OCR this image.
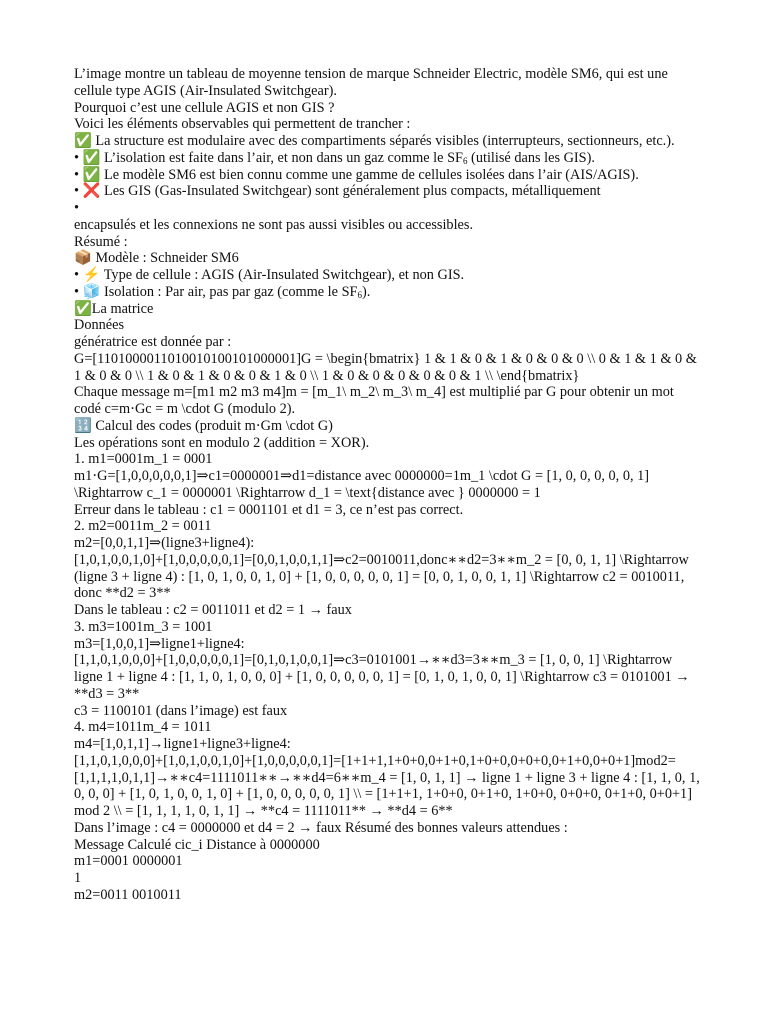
L’image montre un tableau de moyenne tension de marque Schneider Electric, modèle SM6, qui est une cellule type AGIS (Air-Insulated Switchgear).
Pourquoi c’est une cellule AGIS et non GIS ?
Voici les éléments observables qui permettent de trancher :
✅ La structure est modulaire avec des compartiments séparés visibles (interrupteurs, sectionneurs, etc.).
• ✅ L’isolation est faite dans l’air, et non dans un gaz comme le $SF_6$ (utilisé dans les GIS).
• ✅ Le modèle SM6 est bien connu comme une gamme de cellules isolées dans l’air (AIS/AGIS).
• ❌ Les GIS (Gas-Insulated Switchgear) sont généralement plus compacts, métalliquement
•
encapsulés et les connexions ne sont pas aussi visibles ou accessibles.
Résumé :
📦 Modèle : Schneider SM6
• ⚡ Type de cellule : AGIS (Air-Insulated Switchgear), et non GIS.
• 🧊 Isolation : Par air, pas par gaz (comme le $SF_6$).
✅La matrice
Données
génératrice est donnée par :
G=[1101000011010010100101000001]G = \begin{bmatrix} 1 & 1 & 0 & 1 & 0 & 0 & 0 \\ 0 & 1 & 1 & 0 & 1 & 0 & 0 \\ 1 & 0 & 1 & 0 & 0 & 1 & 0 \\ 1 & 0 & 0 & 0 & 0 & 0 & 1 \\ \end{bmatrix}
Chaque message m=[m1 m2 m3 m4]m = [m_1\ m_2\ m_3\ m_4] est multiplié par G pour obtenir un mot codé c=m⋅Gc = m \cdot G (modulo 2).
🔢 Calcul des codes (produit m⋅Gm \cdot G)
Les opérations sont en modulo 2 (addition = XOR).
1. m1=0001m_1 = 0001
m1⋅G=[1,0,0,0,0,0,1]⇒c1=0000001⇒d1=distance avec 0000000=1m_1 \cdot G = [1, 0, 0, 0, 0, 0, 1] \Rightarrow c_1 = 0000001 \Rightarrow d_1 = \text{distance avec } 0000000 = 1
Erreur dans le tableau : c1 = 0001101 et d1 = 3, ce n’est pas correct.
2. m2=0011m_2 = 0011
m2=[0,0,1,1]⇒(ligne3+ligne4):
[1,0,1,0,0,1,0]+[1,0,0,0,0,0,1]=[0,0,1,0,0,1,1]⇒c2=0010011,donc∗∗d2=3∗∗m_2 = [0, 0, 1, 1] \Rightarrow (ligne 3 + ligne 4) : [1, 0, 1, 0, 0, 1, 0] + [1, 0, 0, 0, 0, 0, 1] = [0, 0, 1, 0, 0, 1, 1] \Rightarrow c2 = 0010011, donc **d2 = 3**
Dans le tableau : c2 = 0011011 et d2 = 1 → faux
3. m3=1001m_3 = 1001
m3=[1,0,0,1]⇒ligne1+ligne4:
[1,1,0,1,0,0,0]+[1,0,0,0,0,0,1]=[0,1,0,1,0,0,1]⇒c3=0101001→∗∗d3=3∗∗m_3 = [1, 0, 0, 1] \Rightarrow ligne 1 + ligne 4 : [1, 1, 0, 1, 0, 0, 0] + [1, 0, 0, 0, 0, 0, 1] = [0, 1, 0, 1, 0, 0, 1] \Rightarrow c3 = 0101001 → **d3 = 3**
c3 = 1100101 (dans l’image) est faux
4. m4=1011m_4 = 1011
m4=[1,0,1,1]→ligne1+ligne3+ligne4:
[1,1,0,1,0,0,0]+[1,0,1,0,0,1,0]+[1,0,0,0,0,0,1]=[1+1+1,1+0+0,0+1+0,1+0+0,0+0+0,0+1+0,0+0+1]mod2=[1,1,1,1,0,1,1]→∗∗c4=1111011∗∗→∗∗d4=6∗∗m_4 = [1, 0, 1, 1] → ligne 1 + ligne 3 + ligne 4 : [1, 1, 0, 1, 0, 0, 0] + [1, 0, 1, 0, 0, 1, 0] + [1, 0, 0, 0, 0, 0, 1] \\ = [1+1+1, 1+0+0, 0+1+0, 1+0+0, 0+0+0, 0+1+0, 0+0+1] mod 2 \\ = [1, 1, 1, 1, 0, 1, 1] → **c4 = 1111011** → **d4 = 6**
Dans l’image : c4 = 0000000 et d4 = 2 → faux Résumé des bonnes valeurs attendues :
Message Calculé cic_i Distance à 0000000
m1=0001 0000001
1
m2=0011 0010011
